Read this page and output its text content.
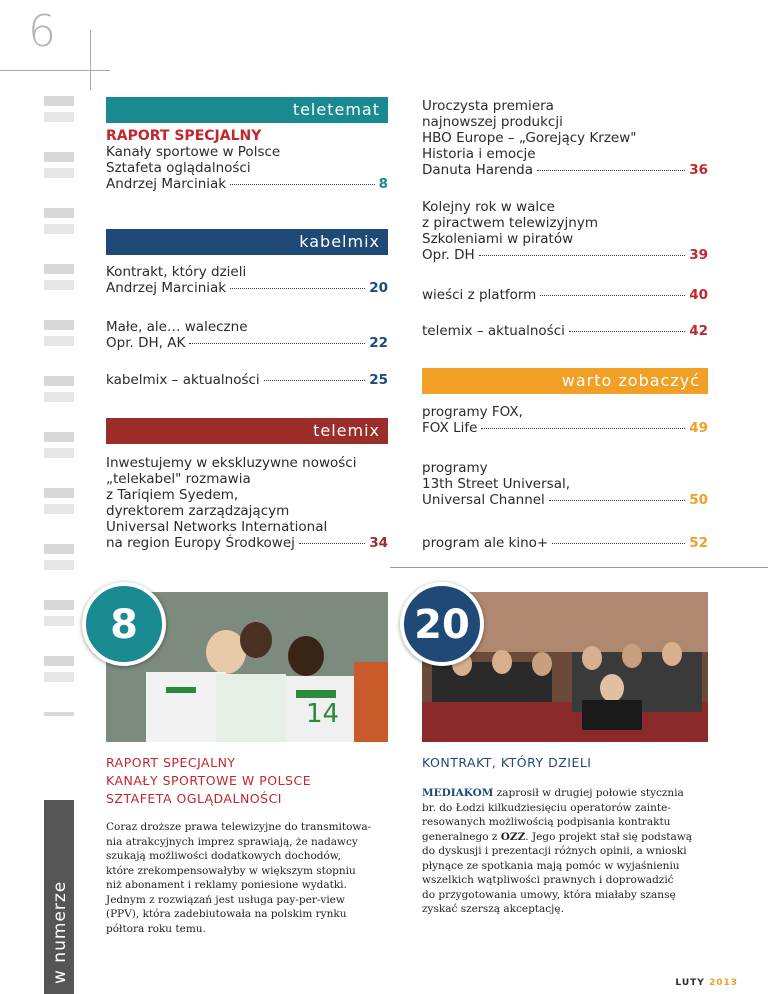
6
w numerze
teletemat
RAPORT SPECJALNY
Kanały sportowe w Polsce
Sztafeta oglądalności
Andrzej Marciniak	8
kabelmix
Kontrakt, który dzieli
Andrzej Marciniak	20
Małe, ale… waleczne
Opr. DH, AK	22
kabelmix – aktualności	25
telemix
Inwestujemy w ekskluzywne nowości
„telekabel" rozmawia
z Tariqiem Syedem,
dyrektorem zarządzającym
Universal Networks International
na region Europy Środkowej	34
Uroczysta premiera
najnowszej produkcji
HBO Europe – „Gorejący Krzew"
Historia i emocje
Danuta Harenda	36
Kolejny rok w walce
z piractwem telewizyjnym
Szkoleniami w piratów
Opr. DH	39
wieści z platform	40
telemix – aktualności	42
warto zobaczyć
programy FOX,
FOX Life	49
programy
13th Street Universal,
Universal Channel	50
program ale kino+	52
14
8	20
RAPORT SPECJALNY
KANAŁY SPORTOWE W POLSCE
SZTAFETA OGLĄDALNOŚCI
Coraz droższe prawa telewizyjne do transmitowa-
nia atrakcyjnych imprez sprawiają, że nadawcy
szukają możliwości dodatkowych dochodów,
które zrekompensowałyby w większym stopniu
niż abonament i reklamy poniesione wydatki.
Jednym z rozwiązań jest usługa pay-per-view
(PPV), która zadebiutowała na polskim rynku
półtora roku temu.
KONTRAKT, KTÓRY DZIELI
MEDIAKOM zaprosił w drugiej połowie stycznia
br. do Łodzi kilkudziesięciu operatorów zainte-
resowanych możliwością podpisania kontraktu
generalnego z OZZ. Jego projekt stał się podstawą
do dyskusji i prezentacji różnych opinii, a wnioski
płynące ze spotkania mają pomóc w wyjaśnieniu
wszelkich wątpliwości prawnych i doprowadzić
do przygotowania umowy, która miałaby szansę
zyskać szerszą akceptację.
LUTY 2013
